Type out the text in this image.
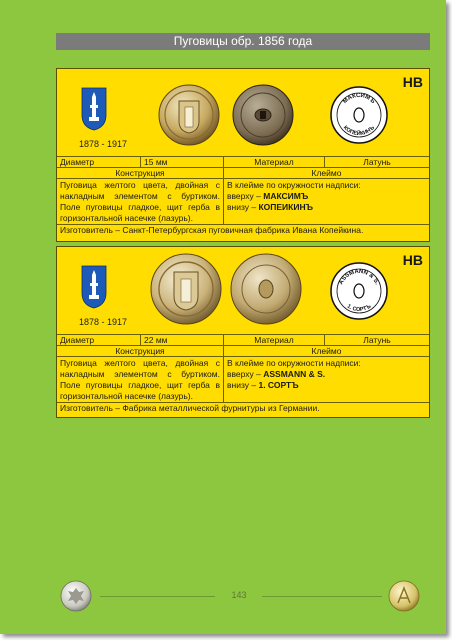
Пуговицы обр. 1856 года
1878 - 1917
МАКСИМЪ
КОПЕЙКИНЪ
НВ
Диаметр	15 мм	Материал	Латунь
Конструкция		Клеймо	
Пуговица желтого цвета, двойная с накладным элементом с буртиком. Поле пуговицы гладкое, щит герба в горизонтальной насечке (лазурь).		В клейме по окружности надписи:
вверху – МАКСИМЪ
внизу – КОПЕИКИНЪ	

Изготовитель – Санкт-Петербургская пуговичная фабрика Ивана Копейкина.			
1878 - 1917
ASSMANN & S.
1. СОРТЪ
НВ
Диаметр	22 мм	Материал	Латунь
Конструкция		Клеймо	
Пуговица желтого цвета, двойная с накладным элементом с буртиком. Поле пуговицы гладкое, щит герба в горизонтальной насечке (лазурь).		В клейме по окружности надписи:
вверху – ASSMANN & S.
внизу – 1. СОРТЪ	

Изготовитель – Фабрика металлической фурнитуры из Германии.			
143
